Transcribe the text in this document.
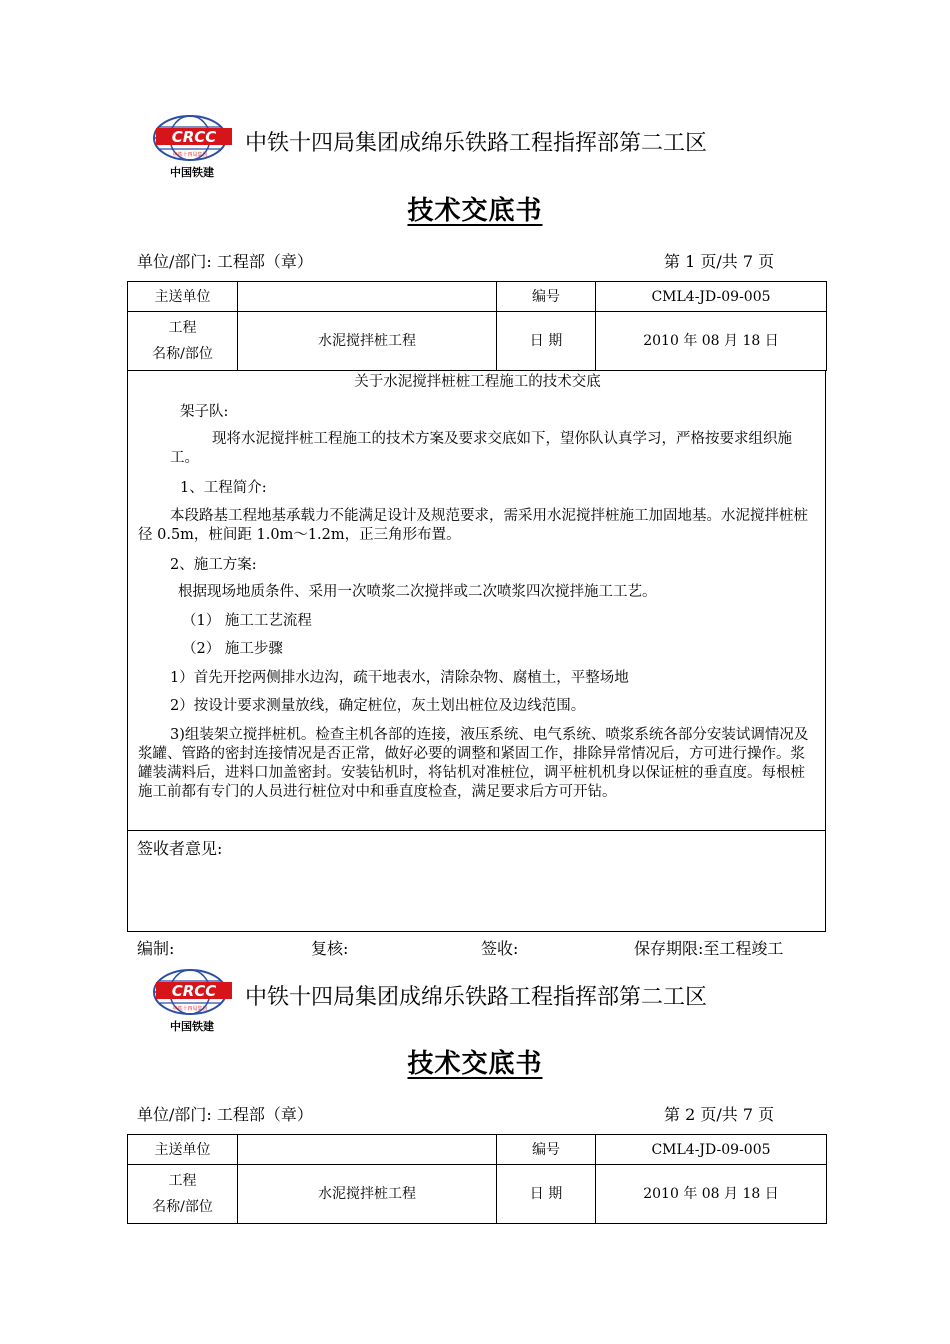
CRCC
中铁十四局集团
中国铁建
中铁十四局集团成绵乐铁路工程指挥部第二工区
技术交底书
单位/部门: 工程部（章）	第 1 页/共 7 页
主送单位		编号	CML4-JD-09-005

工程
名称/部位	水泥搅拌桩工程	日 期	2010 年 08 月 18 日

关于水泥搅拌桩桩工程施工的技术交底

架子队:

现将水泥搅拌桩工程施工的技术方案及要求交底如下，望你队认真学习，严格按要求组织施工。

1、工程简介:

本段路基工程地基承载力不能满足设计及规范要求，需采用水泥搅拌桩施工加固地基。水泥搅拌桩桩径 0.5m，桩间距 1.0m～1.2m，正三角形布置。

2、施工方案:

根据现场地质条件、采用一次喷浆二次搅拌或二次喷浆四次搅拌施工工艺。

（1） 施工工艺流程

（2） 施工步骤

1）首先开挖两侧排水边沟，疏干地表水，清除杂物、腐植土，平整场地

2）按设计要求测量放线，确定桩位，灰土划出桩位及边线范围。

3)组装架立搅拌桩机。检查主机各部的连接，液压系统、电气系统、喷浆系统各部分安装试调情况及浆罐、管路的密封连接情况是否正常，做好必要的调整和紧固工作，排除异常情况后，方可进行操作。浆罐装满料后，进料口加盖密封。安装钻机时，将钻机对准桩位，调平桩机机身以保证桩的垂直度。每根桩施工前都有专门的人员进行桩位对中和垂直度检查，满足要求后方可开钻。

签收者意见:
编制:	复核:	签收:	保存期限:至工程竣工
CRCC
中铁十四局集团
中国铁建
中铁十四局集团成绵乐铁路工程指挥部第二工区
技术交底书
单位/部门: 工程部（章）	第 2 页/共 7 页
主送单位		编号	CML4-JD-09-005

工程
名称/部位	水泥搅拌桩工程	日 期	2010 年 08 月 18 日
